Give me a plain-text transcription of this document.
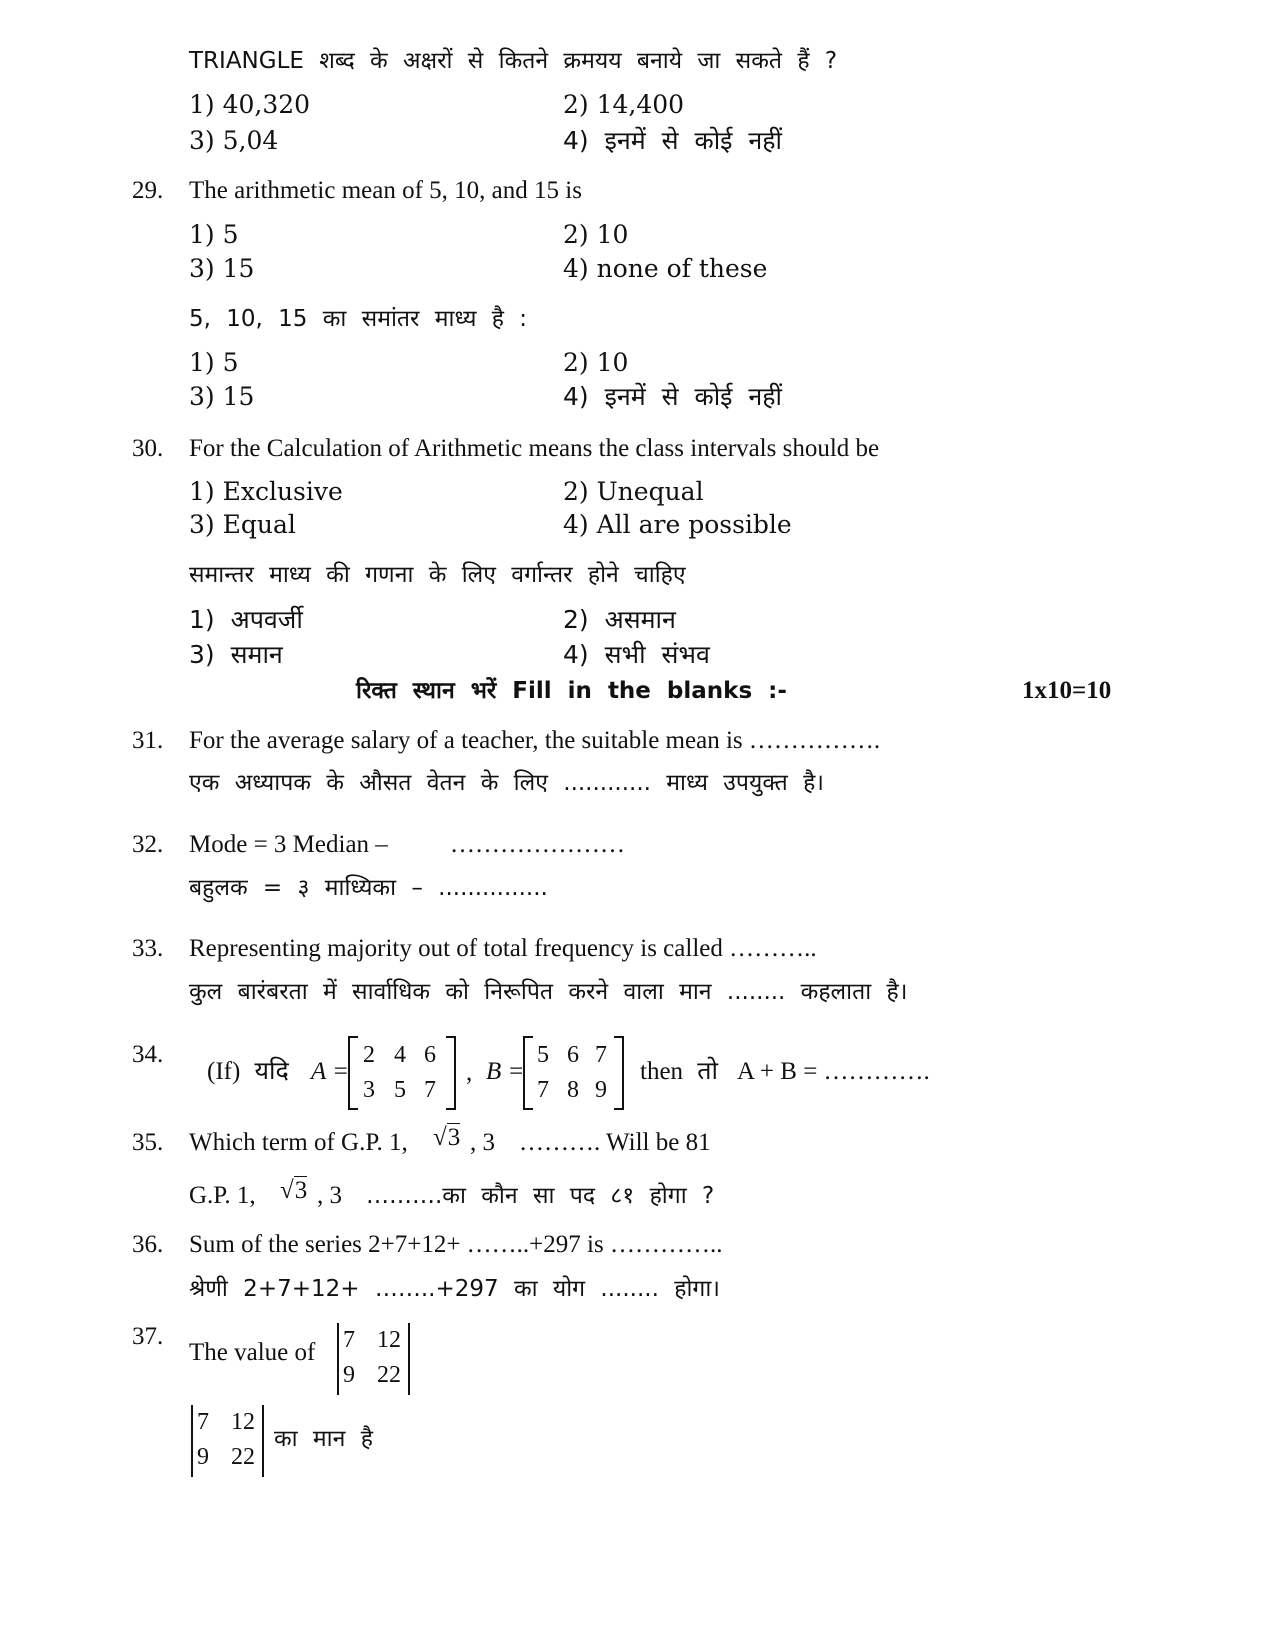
TRIANGLE शब्द के अक्षरों से कितने क्रमयय बनाये जा सकते हैं ?
1) 40,320	2) 14,400
3) 5,04	4) इनमें से कोई नहीं
29. The arithmetic mean of 5, 10, and 15 is
1) 5	2) 10
3) 15	4) none of these
5, 10, 15 का समांतर माध्य है :
1) 5	2) 10
3) 15	4) इनमें से कोई नहीं
30. For the Calculation of Arithmetic means the class intervals should be
1) Exclusive	2) Unequal
3) Equal	4) All are possible
समान्तर माध्य की गणना के लिए वर्गान्तर होने चाहिए
1) अपवर्जी	2) असमान
3) समान	4) सभी संभव
रिक्त स्थान भरें Fill in the blanks :-	1x10=10
31. For the average salary of a teacher, the suitable mean is …………….
एक अध्यापक के औसत वेतन के लिए ............ माध्य उपयुक्त है।
32. Mode = 3 Median – …………………
बहुलक = ३ माध्यिका – ...............
33. Representing majority out of total frequency is called ………..
कुल बारंबरता में सार्वाधिक को निरूपित करने वाला मान ........ कहलाता है।
34.
(If) यदि A =
2 4 6
3 5 7
, B =
5 6 7
7 8 9
then तो A + B = ………….
35. Which term of G.P. 1, √3 , 3 ………. Will be 81
G.P. 1, √3 , 3 ……….का कौन सा पद ८१ होगा ?
36. Sum of the series 2+7+12+ ……..+297 is …………..
श्रेणी 2+7+12+ ……..+297 का योग ........ होगा।
37.
The value of 7 12
9 22
7 12
9 22
का मान है
